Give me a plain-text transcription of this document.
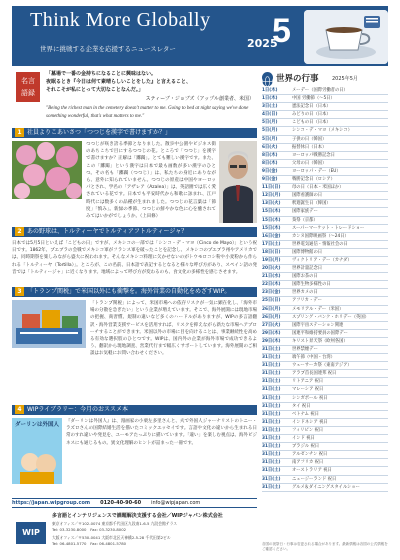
Think More Globally
世界に挑戦する企業を応援するニュースレター	2025
5
名言
語録
「墓場で一番の金持ちになることに興味はない。
夜眠るとき『今日は何て素晴らしいことをした』と言えること、
それこそが私にとって大切なことなんだ。」
スティーブ・ジョブズ（アップル創業者、米国）
"Being the richest man in the cemetery doesn't matter to me. Going to bed at night saying we've done something wonderful, that's what matters to me."
1 社員よりこあいさつ「つつじを漢字で書けますか？」
つつじが咲き誇る季節となりました。散歩中公園やビジネス街のあちこちで目にするつつじの花。ところで「つつじ」を漢字で書けますか？正解は「躑躅」。とても難しい漢字です。また、この「躑躅」という漢字は日本で最も画数が多い漢字のひとつ。その名も「躑躅（つつじ）」は、私たちの身近にありながら、意外に知られていません。つつじの原産は中国やヨーロッパとされ、学名の「アザレア（Azalea）」は、英語圏では広く愛されている花です。日本でも平安時代から和歌に詠まれ、江戸時代には数多くの品種が生まれました。つつじの花言葉は「節度」「慎み」。新緑の季節、つつじの鮮やかな色に心を癒されてみてはいかがでしょうか。（上田修）
2 あの野球は、トルティーヤでトルティアフトルティージャ？
日本では5月5日といえば「こどもの日」ですが、メキシコの一部では「シンコ・デ・マヨ（Cinco de Mayo）」という祝日です。1862年、プエブラの会戦でメキシコ軍がフランス軍を破ったことを記念し、メキシコのプエブラ州やアメリカでは、同時期祭を楽しみながら盛大に祝われます。そんなメキシコ料理に欠かせないのがトウモロコシ粉や小麦粉から作られる「トルティーヤ（Tortilla）」。ところが、この名前、日本語で表記するとなると様々な呼び方があり、スペイン語の発音では「トルティージャ」に近くなります。地域によって呼び方が変わるのも、食文化の多様性を感じさせます。
3 「トランプ関税」で米国以外にも衝撃を。海外営業の自動化をめざすWIP。
「トランプ関税」によって、米国市場への依存リスクが一気に顕在化し、「海外市場の分散を急ぎたい」という企業が増えています。そこで、海外展開には現地市場の把握、商習慣、規制の違いなど多くのハードルがありますが、WIPの多言語翻訳・海外営業支援サービスを活用すれば、リスクを抑えながら新たな市場へアプローチすることができます。米国以外の市場に目を向けることは、事業継続性を高める有効な選択肢のひとつです。WIPは、国内外の企業が海外市場で成功できるよう、翻訳から現地調査、営業代行まで幅広くサポートしています。海外展開のご相談はお気軽にお問い合わせください。
4 WIPライブラリー：今月のおススメ本
ダーリンは外国人
『ダーリンは外国人』は、漫画家の小栗左多里さんと、夫で外国人ジャーナリストのトニー・ラズロさんの国際結婚生活を描いたコミックエッセイです。言語や文化の違いから生まれる日常のすれ違いや発見を、ユーモアたっぷりに描いています。「違い」を楽しむ視点は、海外ビジネスにも通じるもの。異文化理解のヒントが詰まった一冊です。
世界の行事	2025年5月
1日(木)	メーデー（国際労働者の日）
1日(木)	中国 労働節（～5日）
3日(土)	憲法記念日（日本）
4日(日)	みどりの日（日本）
5日(月)	こどもの日（日本）
5日(月)	シンコ・デ・マヨ（メキシコ）
5日(月)	子供の日（韓国）
6日(火)	振替休日（日本）
8日(木)	ヨーロッパ戦勝記念日
8日(木)	父母の日（韓国）
9日(金)	ヨーロッパ・デー（EU）
9日(金)	戦勝記念日（ロシア）
11日(日)	母の日（日本・米国ほか）
12日(月)	国際看護師の日
13日(火)	釈迦誕生日（韓国）
15日(木)	国際家族デー
15日(木)	葵祭（京都）
15日(木)	スーパーマーケット・トレードショー
16日(金)	カンヌ国際映画祭（～24日）
17日(土)	世界電気通信・情報社会の日
18日(日)	国際博物館の日
19日(月)	ヴィクトリア・デー（カナダ）
20日(火)	世界計量記念日
21日(水)	国際お茶の日
22日(木)	国際生物多様性の日
23日(金)	世界カメの日
25日(日)	アフリカ・デー
26日(月)	メモリアル・デー（米国）
26日(月)	スプリング・バンク・ホリデー（英国）
27日(火)	国際宇宙ステーション関連
29日(木)	国連平和維持要員の国際デー
29日(木)	キリスト昇天祭（欧州各国）
31日(土)	世界禁煙デー
31日(土)	端午節（中国・台湾）
31日(土)	ウェーサーカ祭（東南アジア）
31日(土)	アラブ首長国連邦 祝日
31日(土)	リトアニア 祝日
31日(土)	マレーシア 祝日
31日(土)	シンガポール 祝日
31日(土)	タイ 祝日
31日(土)	ベトナム 祝日
31日(土)	インドネシア 祝日
31日(土)	フィリピン 祝日
31日(土)	インド 祝日
31日(土)	ブラジル 祝日
31日(土)	アルゼンチン 祝日
31日(土)	南アフリカ 祝日
31日(土)	オーストラリア 祝日
31日(土)	ニュージーランド 祝日
31日(土)	グルメ＆ダイニングスタイルショー
各国の祝祭日・行事は変更される場合があります。最新情報は各国の公式情報をご確認ください。
https://japan.wipgroup.com 0120-40-90-60 info@wipjapan.com
WIP
多言語とインテリジェンスで課題解決支援する会社／WIPジャパン株式会社
東京オフィス／〒102-0074 東京都千代田区九段南1-6-5 九段会館テラス
Tel: 03-3230-8000　Fax: 03-3230-8002
大阪オフィス／〒530-0041 大阪市北区天神橋2-5-28 千代田第2ビル
Tel: 06-4801-5770　Fax: 06-4801-5780
